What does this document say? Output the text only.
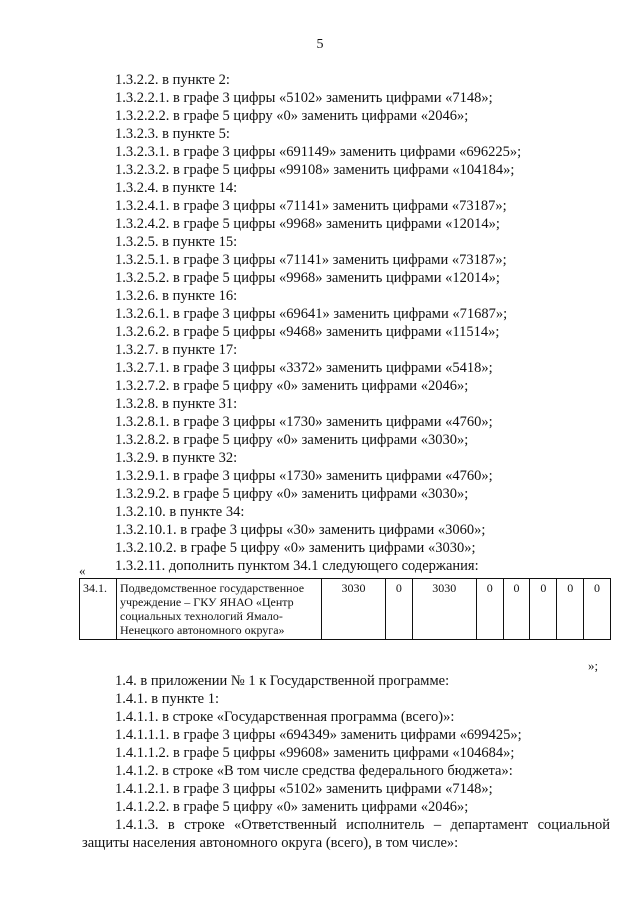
5
1.3.2.2. в пункте 2:
1.3.2.2.1. в графе 3 цифры «5102» заменить цифрами «7148»;
1.3.2.2.2. в графе 5 цифру «0» заменить цифрами «2046»;
1.3.2.3. в пункте 5:
1.3.2.3.1. в графе 3 цифры «691149» заменить цифрами «696225»;
1.3.2.3.2. в графе 5 цифры «99108» заменить цифрами «104184»;
1.3.2.4. в пункте 14:
1.3.2.4.1. в графе 3 цифры «71141» заменить цифрами «73187»;
1.3.2.4.2. в графе 5 цифры «9968» заменить цифрами «12014»;
1.3.2.5. в пункте 15:
1.3.2.5.1. в графе 3 цифры «71141» заменить цифрами «73187»;
1.3.2.5.2. в графе 5 цифры «9968» заменить цифрами «12014»;
1.3.2.6. в пункте 16:
1.3.2.6.1. в графе 3 цифры «69641» заменить цифрами «71687»;
1.3.2.6.2. в графе 5 цифры «9468» заменить цифрами «11514»;
1.3.2.7. в пункте 17:
1.3.2.7.1. в графе 3 цифры «3372» заменить цифрами «5418»;
1.3.2.7.2. в графе 5 цифру «0» заменить цифрами «2046»;
1.3.2.8. в пункте 31:
1.3.2.8.1. в графе 3 цифры «1730» заменить цифрами «4760»;
1.3.2.8.2. в графе 5 цифру «0» заменить цифрами «3030»;
1.3.2.9. в пункте 32:
1.3.2.9.1. в графе 3 цифры «1730» заменить цифрами «4760»;
1.3.2.9.2. в графе 5 цифру «0» заменить цифрами «3030»;
1.3.2.10. в пункте 34:
1.3.2.10.1. в графе 3 цифры «30» заменить цифрами «3060»;
1.3.2.10.2. в графе 5 цифру «0» заменить цифрами «3030»;
1.3.2.11. дополнить пунктом 34.1 следующего содержания:
«
34.1.	Подведомственное государственное учреждение – ГКУ ЯНАО «Центр социальных технологий Ямало-Ненецкого автономного округа»	3030	0	3030	0	0	0	0	0
»;
1.4. в приложении № 1 к Государственной программе:
1.4.1. в пункте 1:
1.4.1.1. в строке «Государственная программа (всего)»:
1.4.1.1.1. в графе 3 цифры «694349» заменить цифрами «699425»;
1.4.1.1.2. в графе 5 цифры «99608» заменить цифрами «104684»;
1.4.1.2. в строке «В том числе средства федерального бюджета»:
1.4.1.2.1. в графе 3 цифры «5102» заменить цифрами «7148»;
1.4.1.2.2. в графе 5 цифру «0» заменить цифрами «2046»;
1.4.1.3. в строке «Ответственный исполнитель – департамент социальной защиты населения автономного округа (всего), в том числе»:
